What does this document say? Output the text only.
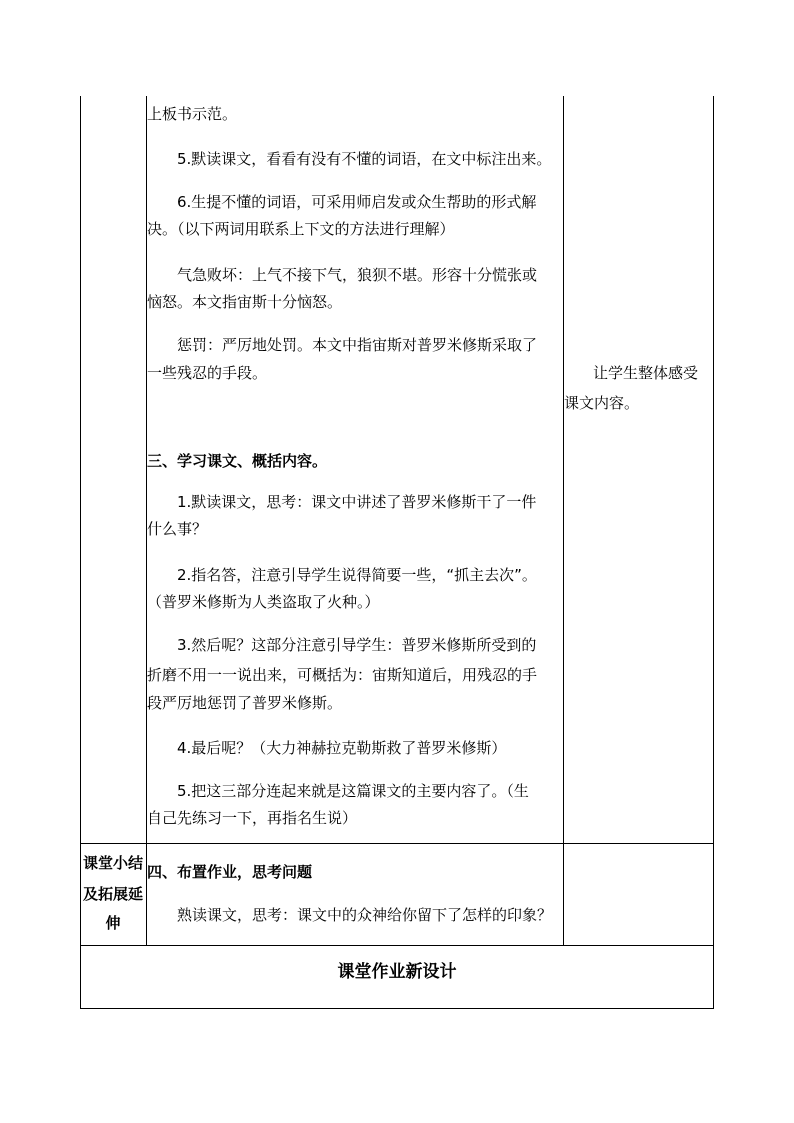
上板书示范。
5.默读课文，看看有没有不懂的词语，在文中标注出来。
6.生提不懂的词语，可采用师启发或众生帮助的形式解
决。（以下两词用联系上下文的方法进行理解）
气急败坏：上气不接下气，狼狈不堪。形容十分慌张或
恼怒。本文指宙斯十分恼怒。
惩罚：严厉地处罚。本文中指宙斯对普罗米修斯采取了
一些残忍的手段。
三、学习课文、概括内容。
1.默读课文，思考：课文中讲述了普罗米修斯干了一件
什么事？
2.指名答，注意引导学生说得简要一些，“抓主去次”。
（普罗米修斯为人类盗取了火种。）
3.然后呢？这部分注意引导学生：普罗米修斯所受到的
折磨不用一一说出来，可概括为：宙斯知道后，用残忍的手
段严厉地惩罚了普罗米修斯。
4.最后呢？（大力神赫拉克勒斯救了普罗米修斯）
5.把这三部分连起来就是这篇课文的主要内容了。（生
自己先练习一下，再指名生说）
让学生整体感受
课文内容。
课堂小结
及拓展延
伸
四、布置作业，思考问题
熟读课文，思考：课文中的众神给你留下了怎样的印象？
课堂作业新设计
